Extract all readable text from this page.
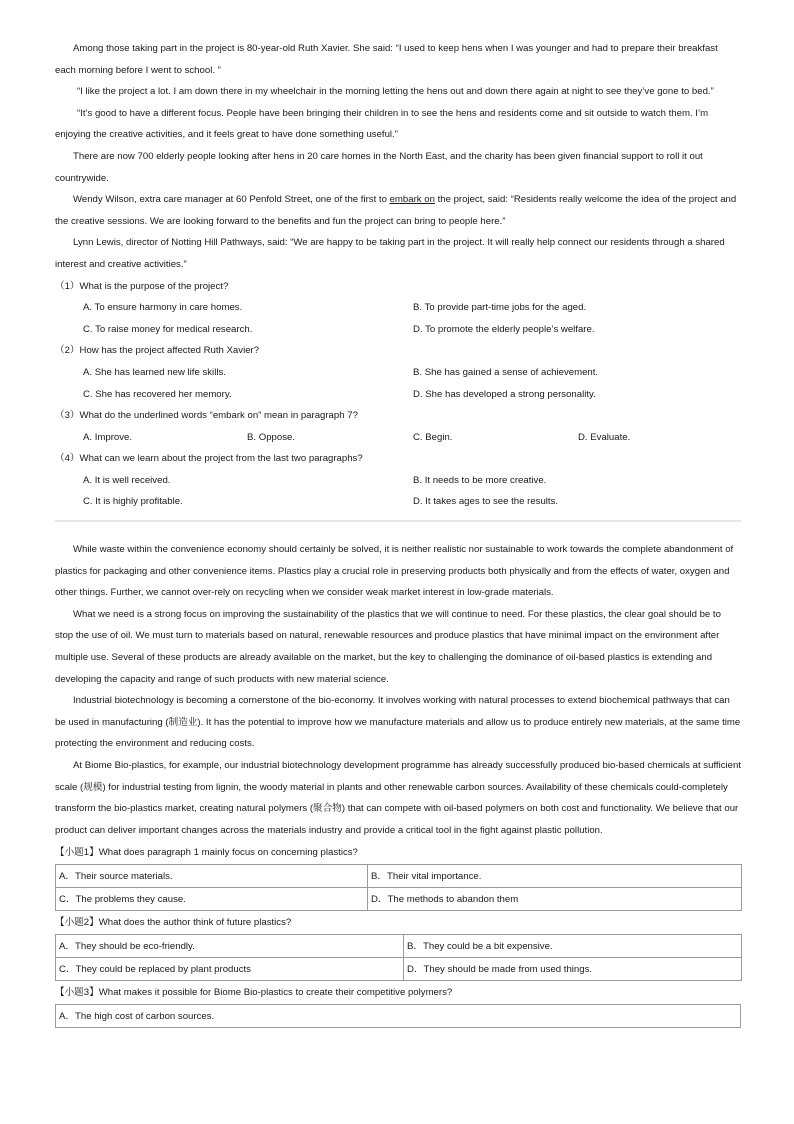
Among those taking part in the project is 80-year-old Ruth Xavier. She said: “I used to keep hens when I was younger and had to prepare their breakfast each morning before I went to school. ”

“I like the project a lot. I am down there in my wheelchair in the morning letting the hens out and down there again at night to see they’ve gone to bed.”

“It’s good to have a different focus. People have been bringing their children in to see the hens and residents come and sit outside to watch them. I’m enjoying the creative activities, and it feels great to have done something useful.”

There are now 700 elderly people looking after hens in 20 care homes in the North East, and the charity has been given financial support to roll it out countrywide.

Wendy Wilson, extra care manager at 60 Penfold Street, one of the first to embark on the project, said: “Residents really welcome the idea of the project and the creative sessions. We are looking forward to the benefits and fun the project can bring to people here.”

Lynn Lewis, director of Notting Hill Pathways, said: “We are happy to be taking part in the project. It will really help connect our residents through a shared interest and creative activities.”

（1）What is the purpose of the project?

A. To ensure harmony in care homes.	B. To provide part-time jobs for the aged.
C. To raise money for medical research.	D. To promote the elderly people’s welfare.

（2）How has the project affected Ruth Xavier?

A. She has learned new life skills.	B. She has gained a sense of achievement.
C. She has recovered her memory.	D. She has developed a strong personality.

（3）What do the underlined words “embark on” mean in paragraph 7?

A. Improve.	B. Oppose.	C. Begin.	D. Evaluate.

（4）What can we learn about the project from the last two paragraphs?

A. It is well received.	B. It needs to be more creative.
C. It is highly profitable.	D. It takes ages to see the results.

While waste within the convenience economy should certainly be solved, it is neither realistic nor sustainable to work towards the complete abandonment of plastics for packaging and other convenience items. Plastics play a crucial role in preserving products both physically and from the effects of water, oxygen and other things. Further, we cannot over-rely on recycling when we consider weak market interest in low-grade materials.

What we need is a strong focus on improving the sustainability of the plastics that we will continue to need. For these plastics, the clear goal should be to stop the use of oil. We must turn to materials based on natural, renewable resources and produce plastics that have minimal impact on the environment after multiple use. Several of these products are already available on the market, but the key to challenging the dominance of oil-based plastics is extending and developing the capacity and range of such products with new material science.

Industrial biotechnology is becoming a cornerstone of the bio-economy. It involves working with natural processes to extend biochemical pathways that can be used in manufacturing (制造业). It has the potential to improve how we manufacture materials and allow us to produce entirely new materials, at the same time protecting the environment and reducing costs.

At Biome Bio-plastics, for example, our industrial biotechnology development programme has already successfully produced bio-based chemicals at sufficient scale (规模) for industrial testing from lignin, the woody material in plants and other renewable carbon sources. Availability of these chemicals could-completely transform the bio-plastics market, creating natural polymers (聚合物) that can compete with oil-based polymers on both cost and functionality. We believe that our product can deliver important changes across the materials industry and provide a critical tool in the fight against plastic pollution.

【小题1】What does paragraph 1 mainly focus on concerning plastics?

A．Their source materials.	B．Their vital importance.
C．The problems they cause.	D．The methods to abandon them

【小题2】What does the author think of future plastics?

A．They should be eco-friendly.	B．They could be a bit expensive.
C．They could be replaced by plant products	D．They should be made from used things.

【小题3】What makes it possible for Biome Bio-plastics to create their competitive polymers?

A．The high cost of carbon sources.
